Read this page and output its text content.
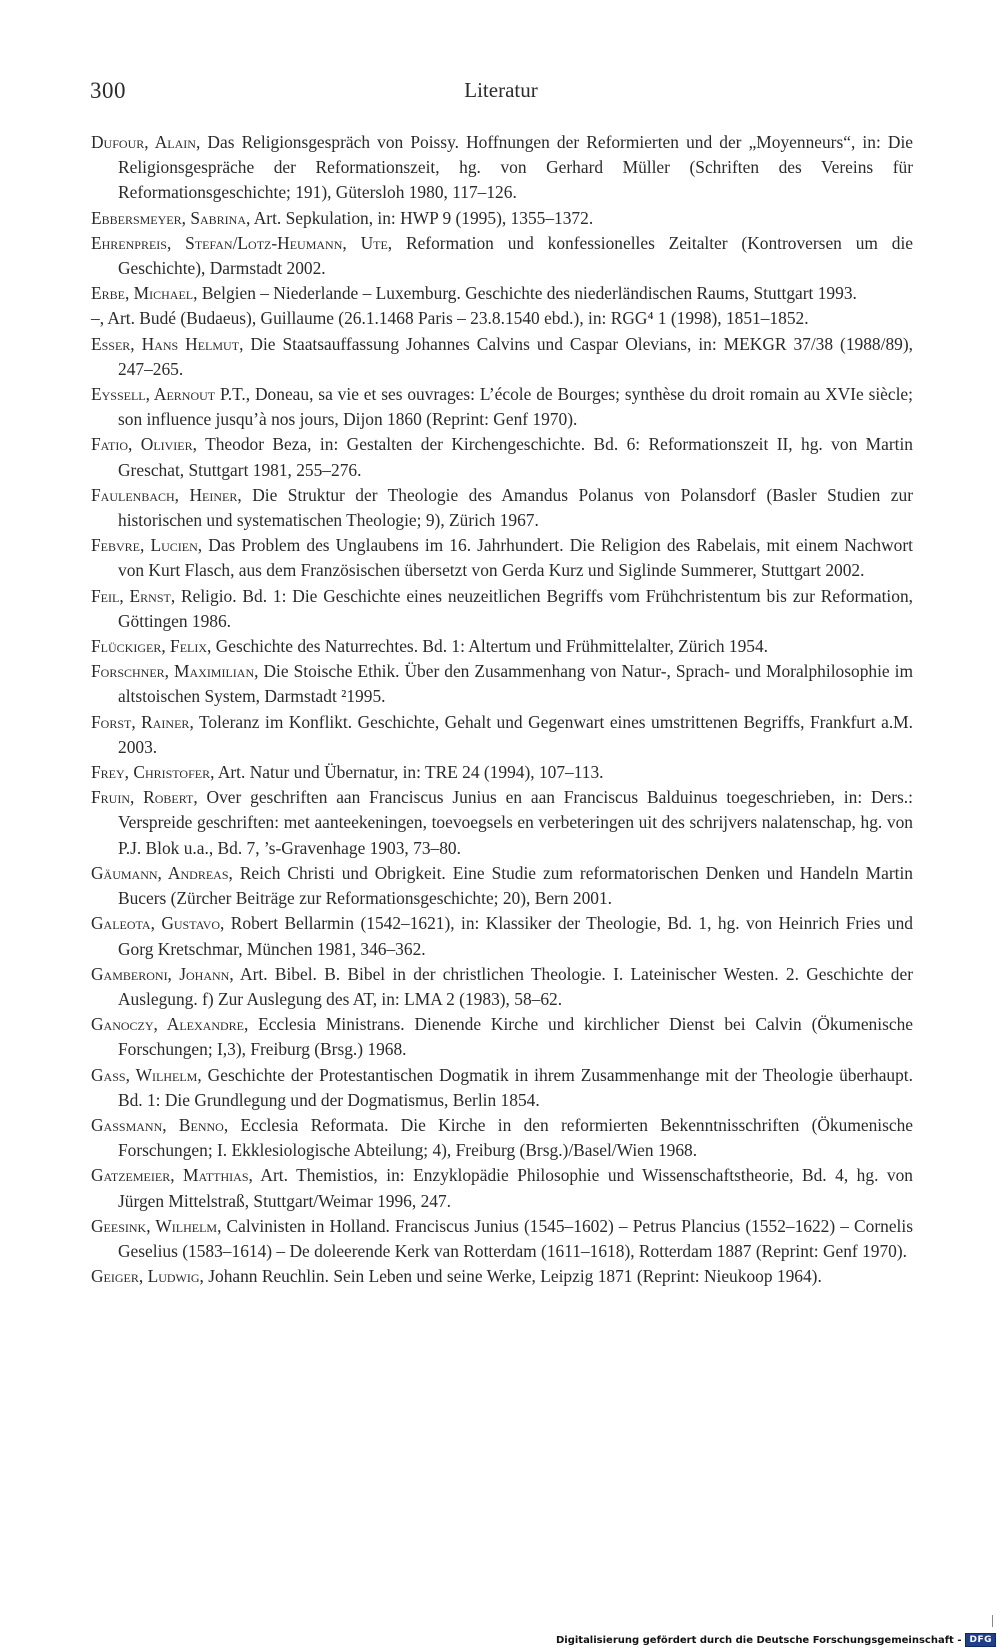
300	Literatur

Dufour, Alain, Das Religionsgespräch von Poissy. Hoffnungen der Reformierten und der „Moyenneurs“, in: Die Religionsgespräche der Reformationszeit, hg. von Gerhard Müller (Schriften des Vereins für Reformationsgeschichte; 191), Gütersloh 1980, 117–126.

Ebbersmeyer, Sabrina, Art. Sepkulation, in: HWP 9 (1995), 1355–1372.

Ehrenpreis, Stefan/Lotz-Heumann, Ute, Reformation und konfessionelles Zeitalter (Kontroversen um die Geschichte), Darmstadt 2002.

Erbe, Michael, Belgien – Niederlande – Luxemburg. Geschichte des niederländischen Raums, Stuttgart 1993.

–, Art. Budé (Budaeus), Guillaume (26.1.1468 Paris – 23.8.1540 ebd.), in: RGG⁴ 1 (1998), 1851–1852.

Eßer, Hans Helmut, Die Staatsauffassung Johannes Calvins und Caspar Olevians, in: MEKGR 37/38 (1988/89), 247–265.

Eyssell, Aernout P.T., Doneau, sa vie et ses ouvrages: L’école de Bourges; synthèse du droit romain au XVIe siècle; son influence jusqu’à nos jours, Dijon 1860 (Reprint: Genf 1970).

Fatio, Olivier, Theodor Beza, in: Gestalten der Kirchengeschichte. Bd. 6: Reformationszeit II, hg. von Martin Greschat, Stuttgart 1981, 255–276.

Faulenbach, Heiner, Die Struktur der Theologie des Amandus Polanus von Polansdorf (Basler Studien zur historischen und systematischen Theologie; 9), Zürich 1967.

Febvre, Lucien, Das Problem des Unglaubens im 16. Jahrhundert. Die Religion des Rabelais, mit einem Nachwort von Kurt Flasch, aus dem Französischen übersetzt von Gerda Kurz und Siglinde Summerer, Stuttgart 2002.

Feil, Ernst, Religio. Bd. 1: Die Geschichte eines neuzeitlichen Begriffs vom Frühchristentum bis zur Reformation, Göttingen 1986.

Flückiger, Felix, Geschichte des Naturrechtes. Bd. 1: Altertum und Frühmittelalter, Zürich 1954.

Forschner, Maximilian, Die Stoische Ethik. Über den Zusammenhang von Natur-, Sprach- und Moralphilosophie im altstoischen System, Darmstadt ²1995.

Forst, Rainer, Toleranz im Konflikt. Geschichte, Gehalt und Gegenwart eines umstrittenen Begriffs, Frankfurt a.M. 2003.

Frey, Christofer, Art. Natur und Übernatur, in: TRE 24 (1994), 107–113.

Fruin, Robert, Over geschriften aan Franciscus Junius en aan Franciscus Balduinus toegeschrieben, in: Ders.: Verspreide geschriften: met aanteekeningen, toevoegsels en verbeteringen uit des schrijvers nalatenschap, hg. von P.J. Blok u.a., Bd. 7, ’s-Gravenhage 1903, 73–80.

Gäumann, Andreas, Reich Christi und Obrigkeit. Eine Studie zum reformatorischen Denken und Handeln Martin Bucers (Zürcher Beiträge zur Reformationsgeschichte; 20), Bern 2001.

Galeota, Gustavo, Robert Bellarmin (1542–1621), in: Klassiker der Theologie, Bd. 1, hg. von Heinrich Fries und Gorg Kretschmar, München 1981, 346–362.

Gamberoni, Johann, Art. Bibel. B. Bibel in der christlichen Theologie. I. Lateinischer Westen. 2. Geschichte der Auslegung. f) Zur Auslegung des AT, in: LMA 2 (1983), 58–62.

Ganoczy, Alexandre, Ecclesia Ministrans. Dienende Kirche und kirchlicher Dienst bei Calvin (Ökumenische Forschungen; I,3), Freiburg (Brsg.) 1968.

Gass, Wilhelm, Geschichte der Protestantischen Dogmatik in ihrem Zusammenhange mit der Theologie überhaupt. Bd. 1: Die Grundlegung und der Dogmatismus, Berlin 1854.

Gassmann, Benno, Ecclesia Reformata. Die Kirche in den reformierten Bekenntnisschriften (Ökumenische Forschungen; I. Ekklesiologische Abteilung; 4), Freiburg (Brsg.)/Basel/Wien 1968.

Gatzemeier, Matthias, Art. Themistios, in: Enzyklopädie Philosophie und Wissenschaftstheorie, Bd. 4, hg. von Jürgen Mittelstraß, Stuttgart/Weimar 1996, 247.

Geesink, Wilhelm, Calvinisten in Holland. Franciscus Junius (1545–1602) – Petrus Plancius (1552–1622) – Cornelis Geselius (1583–1614) – De doleerende Kerk van Rotterdam (1611–1618), Rotterdam 1887 (Reprint: Genf 1970).

Geiger, Ludwig, Johann Reuchlin. Sein Leben und seine Werke, Leipzig 1871 (Reprint: Nieukoop 1964).

Digitalisierung gefördert durch die Deutsche Forschungsgemeinschaft - DFG
